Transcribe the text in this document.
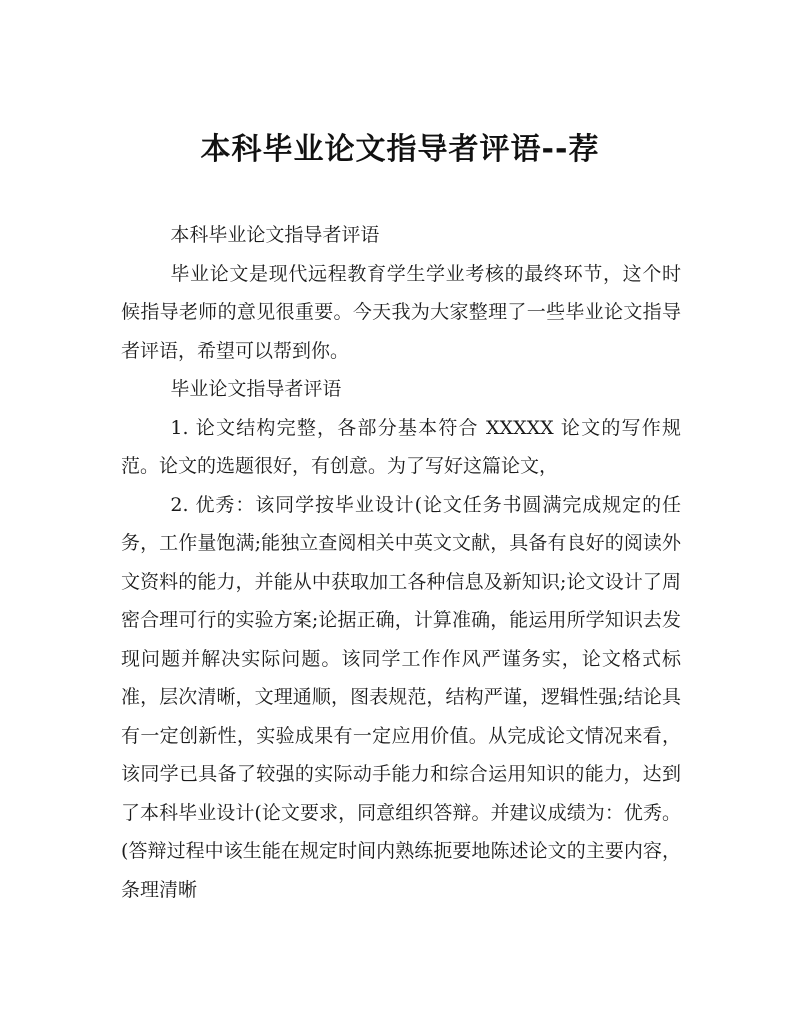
本科毕业论文指导者评语--荐

本科毕业论文指导者评语

毕业论文是现代远程教育学生学业考核的最终环节，这个时候指导老师的意见很重要。今天我为大家整理了一些毕业论文指导者评语，希望可以帮到你。

毕业论文指导者评语

1. 论文结构完整，各部分基本符合 XXXXX 论文的写作规范。论文的选题很好，有创意。为了写好这篇论文，

2. 优秀：该同学按毕业设计(论文任务书圆满完成规定的任务，工作量饱满;能独立查阅相关中英文文献，具备有良好的阅读外文资料的能力，并能从中获取加工各种信息及新知识;论文设计了周密合理可行的实验方案;论据正确，计算准确，能运用所学知识去发现问题并解决实际问题。该同学工作作风严谨务实，论文格式标准，层次清晰，文理通顺，图表规范，结构严谨，逻辑性强;结论具有一定创新性，实验成果有一定应用价值。从完成论文情况来看，该同学已具备了较强的实际动手能力和综合运用知识的能力，达到了本科毕业设计(论文要求，同意组织答辩。并建议成绩为：优秀。(答辩过程中该生能在规定时间内熟练扼要地陈述论文的主要内容，条理清晰
